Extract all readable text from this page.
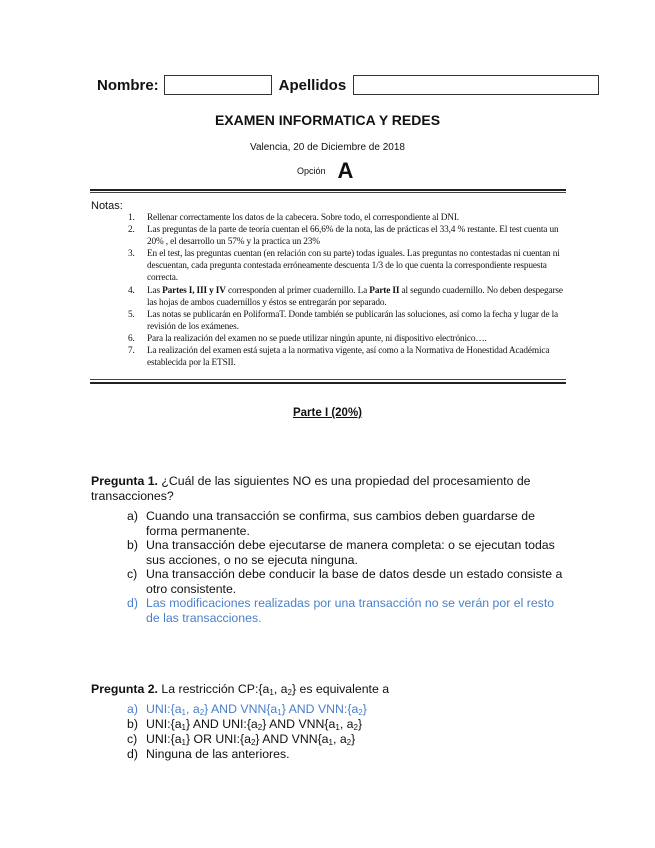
Nombre:	Apellidos
EXAMEN INFORMATICA Y REDES
Valencia, 20 de Diciembre de 2018
Opción A
Notas:
1.	Rellenar correctamente los datos de la cabecera. Sobre todo, el correspondiente al DNI.
2.	Las preguntas de la parte de teoría cuentan el 66,6% de la nota, las de prácticas el 33,4 % restante. El test cuenta un 20% , el desarrollo un 57% y la practica un 23%
3.	En el test, las preguntas cuentan (en relación con su parte) todas iguales. Las preguntas no contestadas ni cuentan ni descuentan, cada pregunta contestada erróneamente descuenta 1/3 de lo que cuenta la correspondiente respuesta correcta.
4.	Las Partes I, III y IV corresponden al primer cuadernillo. La Parte II al segundo cuadernillo. No deben despegarse las hojas de ambos cuadernillos y éstos se entregarán por separado.
5.	Las notas se publicarán en PoliformaT. Donde también se publicarán las soluciones, así como la fecha y lugar de la revisión de los exámenes.
6.	Para la realización del examen no se puede utilizar ningún apunte, ni dispositivo electrónico….
7.	La realización del examen está sujeta a la normativa vigente, así como a la Normativa de Honestidad Académica establecida por la ETSII.
Parte I (20%)
Pregunta 1. ¿Cuál de las siguientes NO es una propiedad del procesamiento de transacciones?
a) Cuando una transacción se confirma, sus cambios deben guardarse de forma permanente.
b) Una transacción debe ejecutarse de manera completa: o se ejecutan todas sus acciones, o no se ejecuta ninguna.
c) Una transacción debe conducir la base de datos desde un estado consiste a otro consistente.
d) Las modificaciones realizadas por una transacción no se verán por el resto de las transacciones.
Pregunta 2. La restricción $CP:\{a_1$, $a_2$} es equivalente a
a) $UNI:\{a_1$, $a_2$} AND $VNN\{a_1\}$ AND $VNN:\{a_2\}$
b) $UNI:\{a_1\}$ AND $UNI:\{a_2\}$ AND $VNN\{a_1$, $a_2$}
c) $UNI:\{a_1\}$ OR $UNI:\{a_2\}$ AND $VNN\{a_1$, $a_2$}
d) Ninguna de las anteriores.
